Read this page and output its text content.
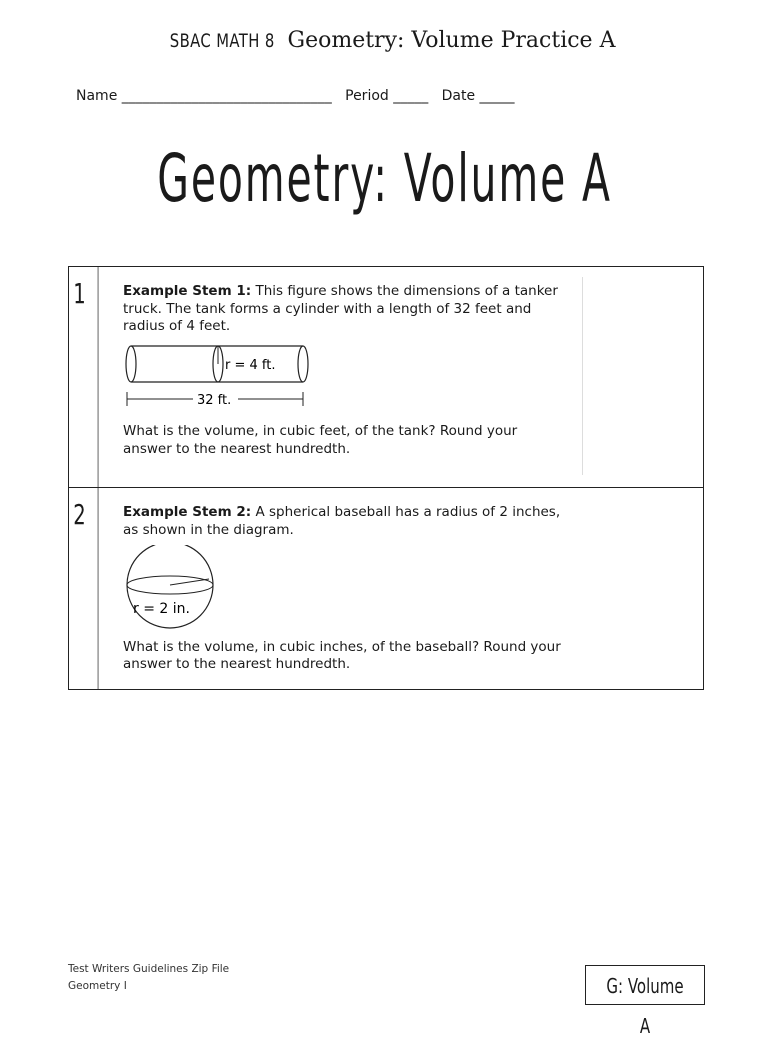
SBAC MATH 8 Geometry: Volume Practice A
Name ______________________________ Period _____ Date _____
Geometry: Volume A
1	Example Stem 1: This figure shows the dimensions of a tanker truck. The tank forms a cylinder with a length of 32 feet and radius of 4 feet.
r = 4 ft.
32 ft.
What is the volume, in cubic feet, of the tank? Round your answer to the nearest hundredth.
2	Example Stem 2: A spherical baseball has a radius of 2 inches, as shown in the diagram.
r = 2 in.
What is the volume, in cubic inches, of the baseball? Round your answer to the nearest hundredth.
Test Writers Guidelines Zip File
Geometry I	G: Volume A
